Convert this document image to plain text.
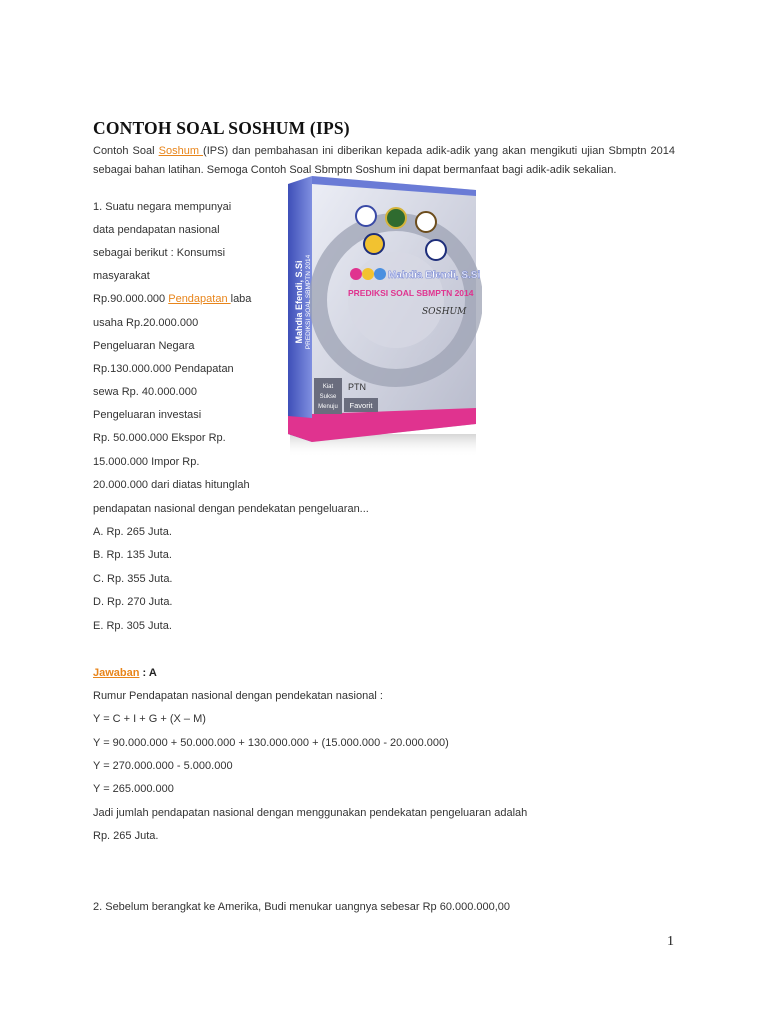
CONTOH SOAL SOSHUM (IPS)
Contoh Soal Soshum (IPS) dan pembahasan ini diberikan kepada adik-adik yang akan mengikuti ujian Sbmptn 2014 sebagai bahan latihan. Semoga Contoh Soal Sbmptn Soshum ini dapat bermanfaat bagi adik-adik sekalian.
1. Suatu negara mempunyai
data pendapatan nasional
sebagai berikut : Konsumsi
masyarakat
Rp.90.000.000 Pendapatan laba
usaha Rp.20.000.000
Pengeluaran Negara
Rp.130.000.000 Pendapatan
sewa Rp. 40.000.000
Pengeluaran investasi
Rp. 50.000.000 Ekspor Rp.
15.000.000 Impor Rp.
20.000.000 dari diatas hitunglah
pendapatan nasional dengan pendekatan pengeluaran...
A. Rp. 265 Juta.
B. Rp. 135 Juta.
C. Rp. 355 Juta.
D. Rp. 270 Juta.
E. Rp. 305 Juta.
Jawaban : A
Rumur Pendapatan nasional dengan pendekatan nasional :
Y = C + I + G + (X – M)
Y = 90.000.000 + 50.000.000 + 130.000.000 + (15.000.000 - 20.000.000)
Y = 270.000.000 - 5.000.000
Y = 265.000.000
Jadi jumlah pendapatan nasional dengan menggunakan pendekatan pengeluaran adalah
Rp. 265 Juta.
2. Sebelum berangkat ke Amerika, Budi menukar uangnya sebesar Rp 60.000.000,00
1
Mahdia Efendi, S.Si
PREDIKSI SOAL SBMPTN 2014
SOSHUM
Mahdia Efendi, S.Si PREDIKSI SOAL SBMPTN 2014
Kiat
Sukse
Menuju
PTN
Favorit
